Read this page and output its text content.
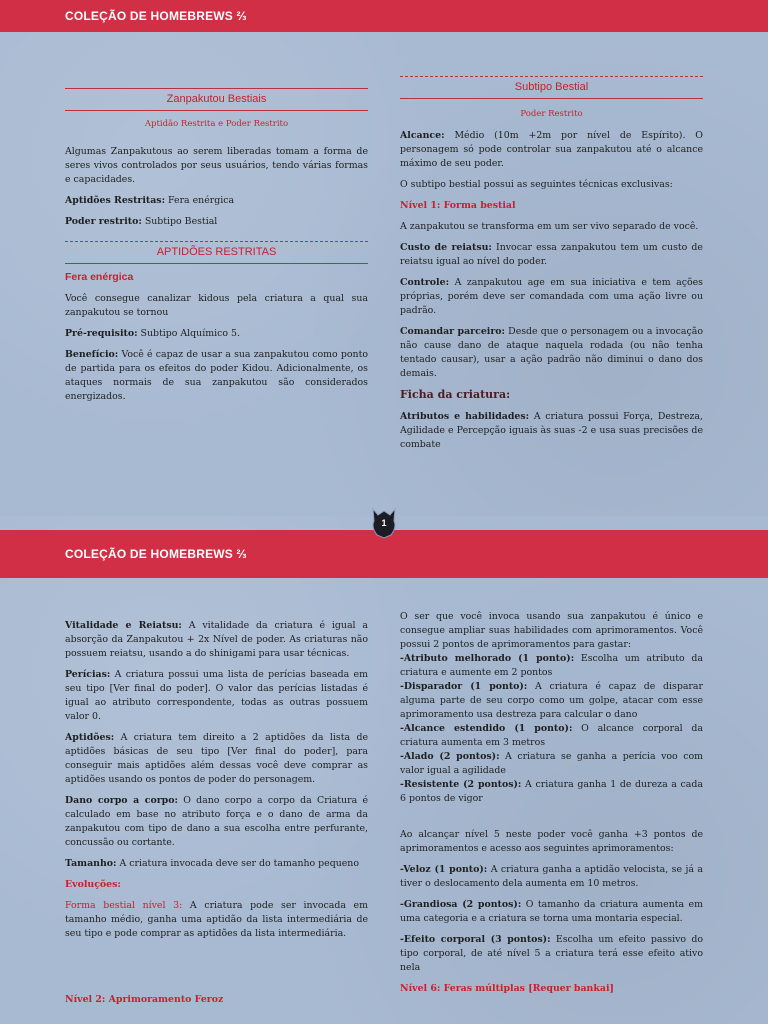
COLEÇÃO DE HOMEBREWS ⅔
Zanpakutou Bestiais
Aptidão Restrita e Poder Restrito

Algumas Zanpakutous ao serem liberadas tomam a forma de seres vivos controlados por seus usuários, tendo várias formas e capacidades.

Aptidões Restritas: Fera enérgica

Poder restrito: Subtipo Bestial

APTIDÕES RESTRITAS
Fera enérgica

Você consegue canalizar kidous pela criatura a qual sua zanpakutou se tornou

Pré-requisito: Subtipo Alquímico 5.

Benefício: Você é capaz de usar a sua zanpakutou como ponto de partida para os efeitos do poder Kidou. Adicionalmente, os ataques normais de sua zanpakutou são considerados energizados.

Subtipo Bestial
Poder Restrito

Alcance: Médio (10m +2m por nível de Espírito). O personagem só pode controlar sua zanpakutou até o alcance máximo de seu poder.

O subtipo bestial possui as seguintes técnicas exclusivas:

Nível 1: Forma bestial

A zanpakutou se transforma em um ser vivo separado de você.

Custo de reiatsu: Invocar essa zanpakutou tem um custo de reiatsu igual ao nível do poder.

Controle: A zanpakutou age em sua iniciativa e tem ações próprias, porém deve ser comandada com uma ação livre ou padrão.

Comandar parceiro: Desde que o personagem ou a invocação não cause dano de ataque naquela rodada (ou não tenha tentado causar), usar a ação padrão não diminui o dano dos demais.

Ficha da criatura:

Atributos e habilidades: A criatura possui Força, Destreza, Agilidade e Percepção iguais às suas -2 e usa suas precisões de combate

1
COLEÇÃO DE HOMEBREWS ⅔

Vitalidade e Reiatsu: A vitalidade da criatura é igual a absorção da Zanpakutou + 2x Nível de poder. As criaturas não possuem reiatsu, usando a do shinigami para usar técnicas.

Perícias: A criatura possui uma lista de perícias baseada em seu tipo [Ver final do poder]. O valor das perícias listadas é igual ao atributo correspondente, todas as outras possuem valor 0.

Aptidões: A criatura tem direito a 2 aptidões da lista de aptidões básicas de seu tipo [Ver final do poder], para conseguir mais aptidões além dessas você deve comprar as aptidões usando os pontos de poder do personagem.

Dano corpo a corpo: O dano corpo a corpo da Criatura é calculado em base no atributo força e o dano de arma da zanpakutou com tipo de dano a sua escolha entre perfurante, concussão ou cortante.

Tamanho: A criatura invocada deve ser do tamanho pequeno

Evoluções:

Forma bestial nível 3: A criatura pode ser invocada em tamanho médio, ganha uma aptidão da lista intermediária de seu tipo e pode comprar as aptidões da lista intermediária.

Nível 2: Aprimoramento Feroz

O ser que você invoca usando sua zanpakutou é único e consegue ampliar suas habilidades com aprimoramentos. Você possui 2 pontos de aprimoramentos para gastar:

-Atributo melhorado (1 ponto): Escolha um atributo da criatura e aumente em 2 pontos

-Disparador (1 ponto): A criatura é capaz de disparar alguma parte de seu corpo como um golpe, atacar com esse aprimoramento usa destreza para calcular o dano

-Alcance estendido (1 ponto): O alcance corporal da criatura aumenta em 3 metros

-Alado (2 pontos): A criatura se ganha a perícia voo com valor igual a agilidade

-Resistente (2 pontos): A criatura ganha 1 de dureza a cada 6 pontos de vigor

Ao alcançar nível 5 neste poder você ganha +3 pontos de aprimoramentos e acesso aos seguintes aprimoramentos:

-Veloz (1 ponto): A criatura ganha a aptidão velocista, se já a tiver o deslocamento dela aumenta em 10 metros.

-Grandiosa (2 pontos): O tamanho da criatura aumenta em uma categoria e a criatura se torna uma montaria especial.

-Efeito corporal (3 pontos): Escolha um efeito passivo do tipo corporal, de até nível 5 a criatura terá esse efeito ativo nela

Nível 6: Feras múltiplas [Requer bankai]
